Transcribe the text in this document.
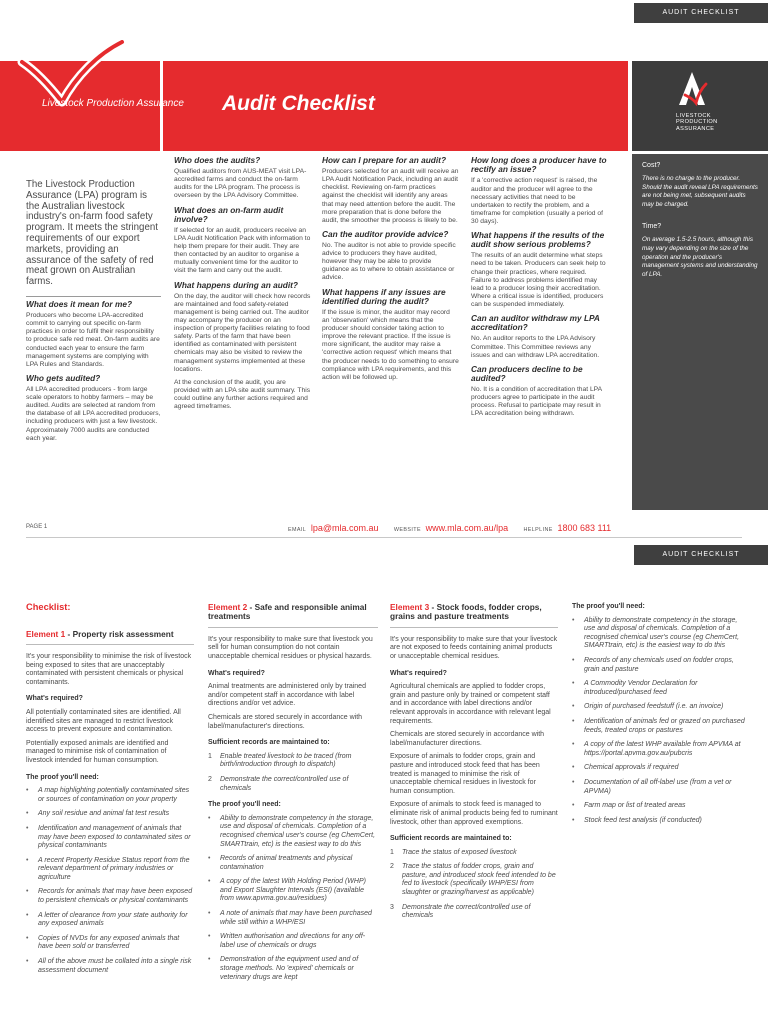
AUDIT CHECKLIST
Livestock Production Assurance Audit Checklist
LIVESTOCK
PRODUCTION
ASSURANCE
The Livestock Production Assurance (LPA) program is the Australian livestock industry's on-farm food safety program. It meets the stringent requirements of our export markets, providing an assurance of the safety of red meat grown on Australian farms.
What does it mean for me?

Producers who become LPA-accredited commit to carrying out specific on-farm practices in order to fulfil their responsibility to produce safe red meat. On-farm audits are conducted each year to ensure the farm management systems are complying with LPA Rules and Standards.

Who gets audited?

All LPA accredited producers - from large scale operators to hobby farmers – may be audited. Audits are selected at random from the database of all LPA accredited producers, including producers with just a few livestock. Approximately 7000 audits are conducted each year.

Who does the audits?

Qualified auditors from AUS-MEAT visit LPA-accredited farms and conduct the on-farm audits for the LPA program. The process is overseen by the LPA Advisory Committee.

What does an on-farm audit involve?

If selected for an audit, producers receive an LPA Audit Notification Pack with information to help them prepare for their audit. They are then contacted by an auditor to organise a mutually convenient time for the auditor to visit the farm and carry out the audit.

What happens during an audit?

On the day, the auditor will check how records are maintained and food safety-related management is being carried out. The auditor may accompany the producer on an inspection of property facilities relating to food safety. Parts of the farm that have been identified as contaminated with persistent chemicals may also be visited to review the management systems implemented at these locations.

At the conclusion of the audit, you are provided with an LPA site audit summary. This could outline any further actions required and agreed timeframes.

How can I prepare for an audit?

Producers selected for an audit will receive an LPA Audit Notification Pack, including an audit checklist. Reviewing on-farm practices against the checklist will identify any areas that may need attention before the audit. The more preparation that is done before the audit, the smoother the process is likely to be.

Can the auditor provide advice?

No. The auditor is not able to provide specific advice to producers they have audited, however they may be able to provide guidance as to where to obtain assistance or advice.

What happens if any issues are identified during the audit?

If the issue is minor, the auditor may record an 'observation' which means that the producer should consider taking action to improve the relevant practice. If the issue is more significant, the auditor may raise a 'corrective action request' which means that the producer needs to do something to ensure compliance with LPA requirements, and this action will be followed up.

How long does a producer have to rectify an issue?

If a 'corrective action request' is raised, the auditor and the producer will agree to the necessary activities that need to be undertaken to rectify the problem, and a timeframe for completion (usually a period of 30 days).

What happens if the results of the audit show serious problems?

The results of an audit determine what steps need to be taken. Producers can seek help to change their practices, where required. Failure to address problems identified may lead to a producer losing their accreditation. Where a critical issue is identified, producers can be suspended immediately.

Can an auditor withdraw my LPA accreditation?

No. An auditor reports to the LPA Advisory Committee. This Committee reviews any issues and can withdraw LPA accreditation.

Can producers decline to be audited?

No. It is a condition of accreditation that LPA producers agree to participate in the audit process. Refusal to participate may result in LPA accreditation being withdrawn.

Cost?

There is no charge to the producer. Should the audit reveal LPA requirements are not being met, subsequent audits may be charged.

Time?

On average 1.5-2.5 hours, although this may vary depending on the size of the operation and the producer's management systems and understanding of LPA.

PAGE 1	EMAIL lpa@mla.com.au	WEBSITE www.mla.com.au/lpa	HELPLINE 1800 683 111
AUDIT CHECKLIST
Checklist:
Element 1 - Property risk assessment

It's your responsibility to minimise the risk of livestock being exposed to sites that are unacceptably contaminated with persistent chemicals or physical contaminants.

What's required?

All potentially contaminated sites are identified. All identified sites are managed to restrict livestock access to prevent exposure and contamination.

Potentially exposed animals are identified and managed to minimise risk of contamination of livestock intended for human consumption.

The proof you'll need:
• A map highlighting potentially contaminated sites or sources of contamination on your property
• Any soil residue and animal fat test results
• Identification and management of animals that may have been exposed to contaminated sites or physical contaminants
• A recent Property Residue Status report from the relevant department of primary industries or agriculture
• Records for animals that may have been exposed to persistent chemicals or physical contaminants
• A letter of clearance from your state authority for any exposed animals
• Copies of NVDs for any exposed animals that have been sold or transferred
• All of the above must be collated into a single risk assessment document
Element 2 - Safe and responsible animal treatments

It's your responsibility to make sure that livestock you sell for human consumption do not contain unacceptable chemical residues or physical hazards.

What's required?

Animal treatments are administered only by trained and/or competent staff in accordance with label directions and/or vet advice.

Chemicals are stored securely in accordance with label/manufacturer's directions.

Sufficient records are maintained to:
1 Enable treated livestock to be traced (from birth/introduction through to dispatch)
2 Demonstrate the correct/controlled use of chemicals
The proof you'll need:
• Ability to demonstrate competency in the storage, use and disposal of chemicals. Completion of a recognised chemical user's course (eg ChemCert, SMARTtrain, etc) is the easiest way to do this
• Records of animal treatments and physical contamination
• A copy of the latest With Holding Period (WHP) and Export Slaughter Intervals (ESI) (available from www.apvma.gov.au/residues)
• A note of animals that may have been purchased while still within a WHP/ESI
• Written authorisation and directions for any off-label use of chemicals or drugs
• Demonstration of the equipment used and of storage methods. No 'expired' chemicals or veterinary drugs are kept
Element 3 - Stock foods, fodder crops, grains and pasture treatments

It's your responsibility to make sure that your livestock are not exposed to feeds containing animal products or unacceptable chemical residues.

What's required?

Agricultural chemicals are applied to fodder crops, grain and pasture only by trained or competent staff and in accordance with label directions and/or relevant approvals in accordance with relevant legal requirements.

Chemicals are stored securely in accordance with label/manufacturer directions.

Exposure of animals to fodder crops, grain and pasture and introduced stock feed that has been treated is managed to minimise the risk of unacceptable chemical residues in livestock for human consumption.

Exposure of animals to stock feed is managed to eliminate risk of animal products being fed to ruminant livestock, other than approved exemptions.

Sufficient records are maintained to:
1 Trace the status of exposed livestock
2 Trace the status of fodder crops, grain and pasture, and introduced stock feed intended to be fed to livestock (specifically WHP/ESI from slaughter or grazing/harvest as applicable)
3 Demonstrate the correct/controlled use of chemicals
The proof you'll need:
• Ability to demonstrate competency in the storage, use and disposal of chemicals. Completion of a recognised chemical user's course (eg ChemCert, SMARTtrain, etc) is the easiest way to do this
• Records of any chemicals used on fodder crops, grain and pasture
• A Commodity Vendor Declaration for introduced/purchased feed
• Origin of purchased feedstuff (i.e. an invoice)
• Identification of animals fed or grazed on purchased feeds, treated crops or pastures
• A copy of the latest WHP available from APVMA at https://portal.apvma.gov.au/pubcris
• Chemical approvals if required
• Documentation of all off-label use (from a vet or APVMA)
• Farm map or list of treated areas
• Stock feed test analysis (if conducted)
